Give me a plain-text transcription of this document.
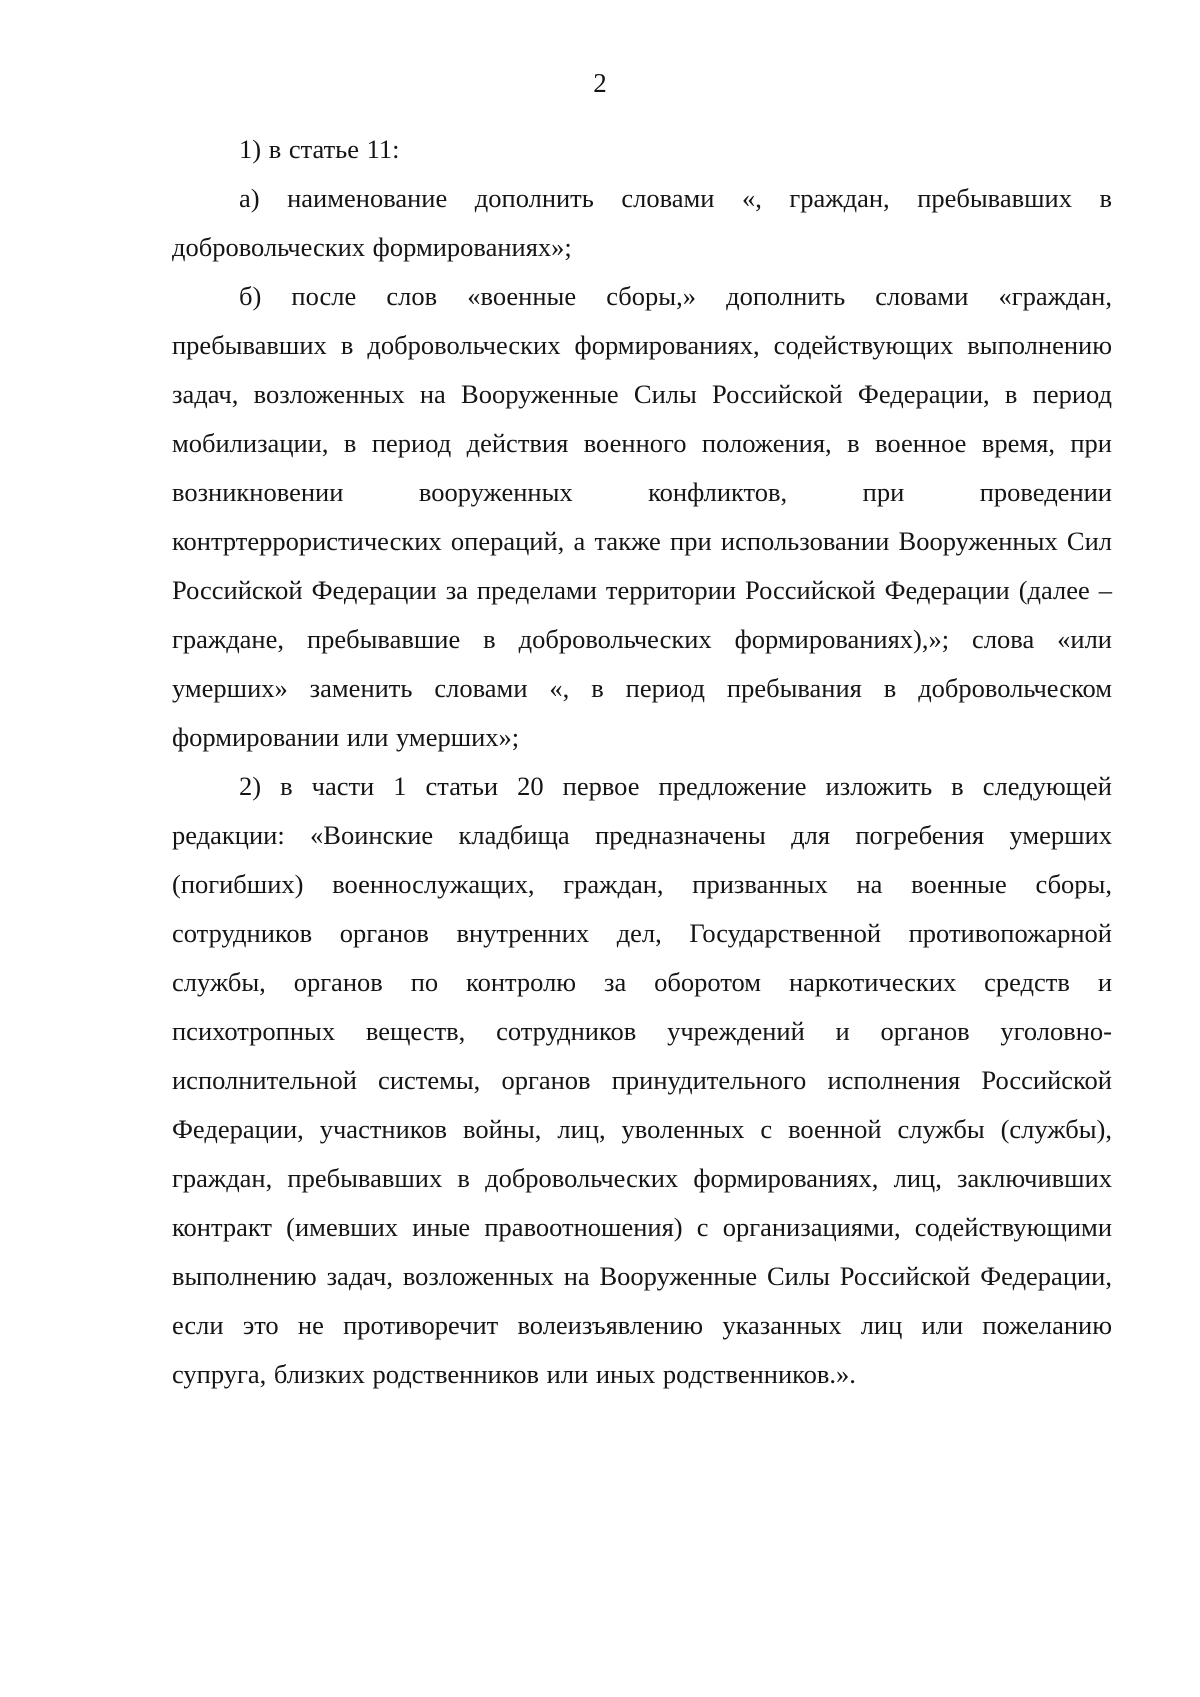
2

1) в статье 11:

а) наименование дополнить словами «, граждан, пребывавших в добровольческих формированиях»;

б) после слов «военные сборы,» дополнить словами «граждан, пребывавших в добровольческих формированиях, содействующих выполнению задач, возложенных на Вооруженные Силы Российской Федерации, в период мобилизации, в период действия военного положения, в военное время, при возникновении вооруженных конфликтов, при проведении контртеррористических операций, а также при использовании Вооруженных Сил Российской Федерации за пределами территории Российской Федерации (далее – граждане, пребывавшие в добровольческих формированиях),»; слова «или умерших» заменить словами «, в период пребывания в добровольческом формировании или умерших»;

2) в части 1 статьи 20 первое предложение изложить в следующей редакции: «Воинские кладбища предназначены для погребения умерших (погибших) военнослужащих, граждан, призванных на военные сборы, сотрудников органов внутренних дел, Государственной противопожарной службы, органов по контролю за оборотом наркотических средств и психотропных веществ, сотрудников учреждений и органов уголовно-исполнительной системы, органов принудительного исполнения Российской Федерации, участников войны, лиц, уволенных с военной службы (службы), граждан, пребывавших в добровольческих формированиях, лиц, заключивших контракт (имевших иные правоотношения) с организациями, содействующими выполнению задач, возложенных на Вооруженные Силы Российской Федерации, если это не противоречит волеизъявлению указанных лиц или пожеланию супруга, близких родственников или иных родственников.».
